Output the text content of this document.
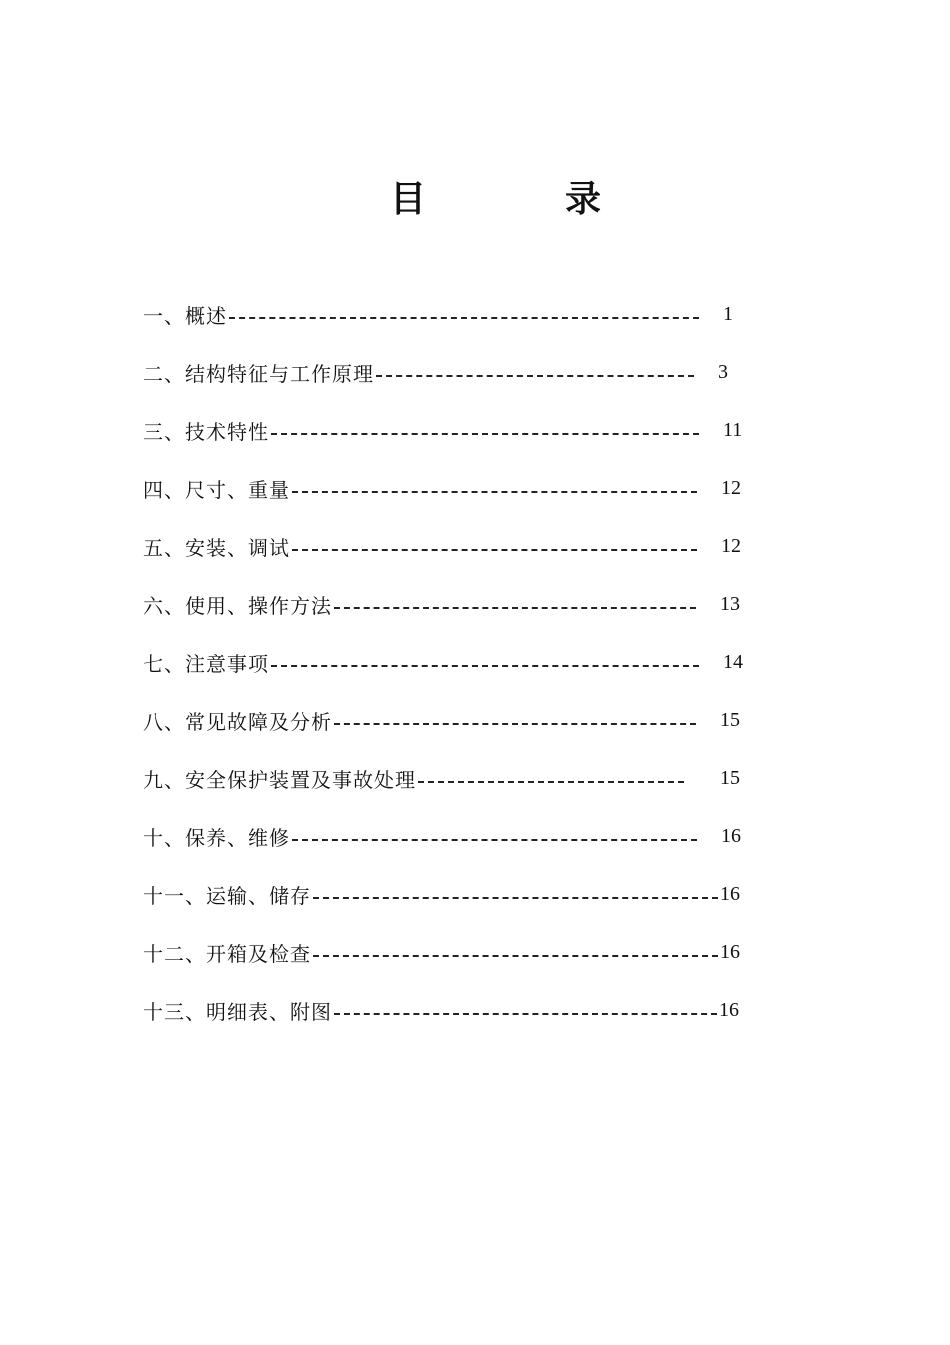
目	录
一、概述	1
二、结构特征与工作原理	3
三、技术特性	11
四、尺寸、重量	12
五、安装、调试	12
六、使用、操作方法	13
七、注意事项	14
八、常见故障及分析	15
九、安全保护装置及事故处理	15
十、保养、维修	16
十一、运输、储存	16
十二、开箱及检查	16
十三、明细表、附图	16
